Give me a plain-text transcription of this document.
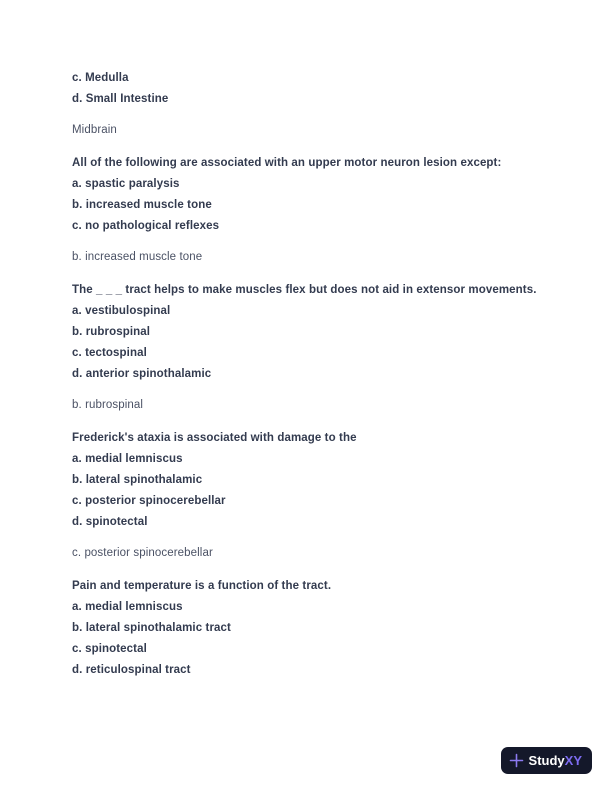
c. Medulla
d. Small Intestine
Midbrain
All of the following are associated with an upper motor neuron lesion except:
a. spastic paralysis
b. increased muscle tone
c. no pathological reflexes
b. increased muscle tone
The _ _ _ tract helps to make muscles flex but does not aid in extensor movements.
a. vestibulospinal
b. rubrospinal
c. tectospinal
d. anterior spinothalamic
b. rubrospinal
Frederick's ataxia is associated with damage to the
a. medial lemniscus
b. lateral spinothalamic
c. posterior spinocerebellar
d. spinotectal
c. posterior spinocerebellar
Pain and temperature is a function of the tract.
a. medial lemniscus
b. lateral spinothalamic tract
c. spinotectal
d. reticulospinal tract
StudyXY
